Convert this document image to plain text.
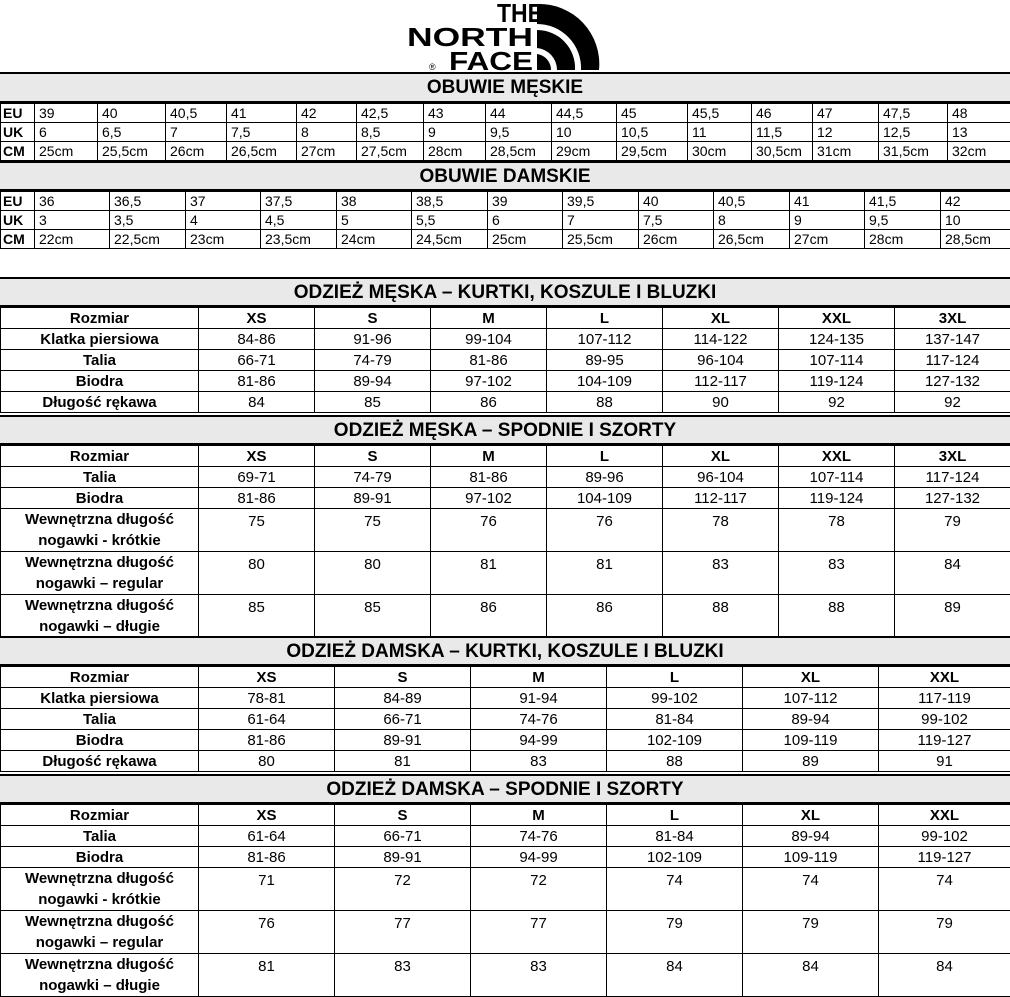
THE
NORTH
FACE
®
OBUWIE MĘSKIE
EU	39	40	40,5	41	42	42,5	43	44	44,5	45	45,5	46	47	47,5	48
UK	6	6,5	7	7,5	8	8,5	9	9,5	10	10,5	11	11,5	12	12,5	13
CM	25cm	25,5cm	26cm	26,5cm	27cm	27,5cm	28cm	28,5cm	29cm	29,5cm	30cm	30,5cm	31cm	31,5cm	32cm
OBUWIE DAMSKIE
EU	36	36,5	37	37,5	38	38,5	39	39,5	40	40,5	41	41,5	42
UK	3	3,5	4	4,5	5	5,5	6	7	7,5	8	9	9,5	10
CM	22cm	22,5cm	23cm	23,5cm	24cm	24,5cm	25cm	25,5cm	26cm	26,5cm	27cm	28cm	28,5cm
ODZIEŻ MĘSKA – KURTKI, KOSZULE I BLUZKI
Rozmiar	XS	S	M	L	XL	XXL	3XL
Klatka piersiowa	84-86	91-96	99-104	107-112	114-122	124-135	137-147
Talia	66-71	74-79	81-86	89-95	96-104	107-114	117-124
Biodra	81-86	89-94	97-102	104-109	112-117	119-124	127-132
Długość rękawa	84	85	86	88	90	92	92
ODZIEŻ MĘSKA – SPODNIE I SZORTY
Rozmiar	XS	S	M	L	XL	XXL	3XL
Talia	69-71	74-79	81-86	89-96	96-104	107-114	117-124
Biodra	81-86	89-91	97-102	104-109	112-117	119-124	127-132
Wewnętrzna długość nogawki - krótkie	75	75	76	76	78	78	79
Wewnętrzna długość nogawki – regular	80	80	81	81	83	83	84
Wewnętrzna długość nogawki – długie	85	85	86	86	88	88	89
ODZIEŻ DAMSKA – KURTKI, KOSZULE I BLUZKI
Rozmiar	XS	S	M	L	XL	XXL
Klatka piersiowa	78-81	84-89	91-94	99-102	107-112	117-119
Talia	61-64	66-71	74-76	81-84	89-94	99-102
Biodra	81-86	89-91	94-99	102-109	109-119	119-127
Długość rękawa	80	81	83	88	89	91
ODZIEŻ DAMSKA – SPODNIE I SZORTY
Rozmiar	XS	S	M	L	XL	XXL
Talia	61-64	66-71	74-76	81-84	89-94	99-102
Biodra	81-86	89-91	94-99	102-109	109-119	119-127
Wewnętrzna długość nogawki - krótkie	71	72	72	74	74	74
Wewnętrzna długość nogawki – regular	76	77	77	79	79	79
Wewnętrzna długość nogawki – długie	81	83	83	84	84	84
